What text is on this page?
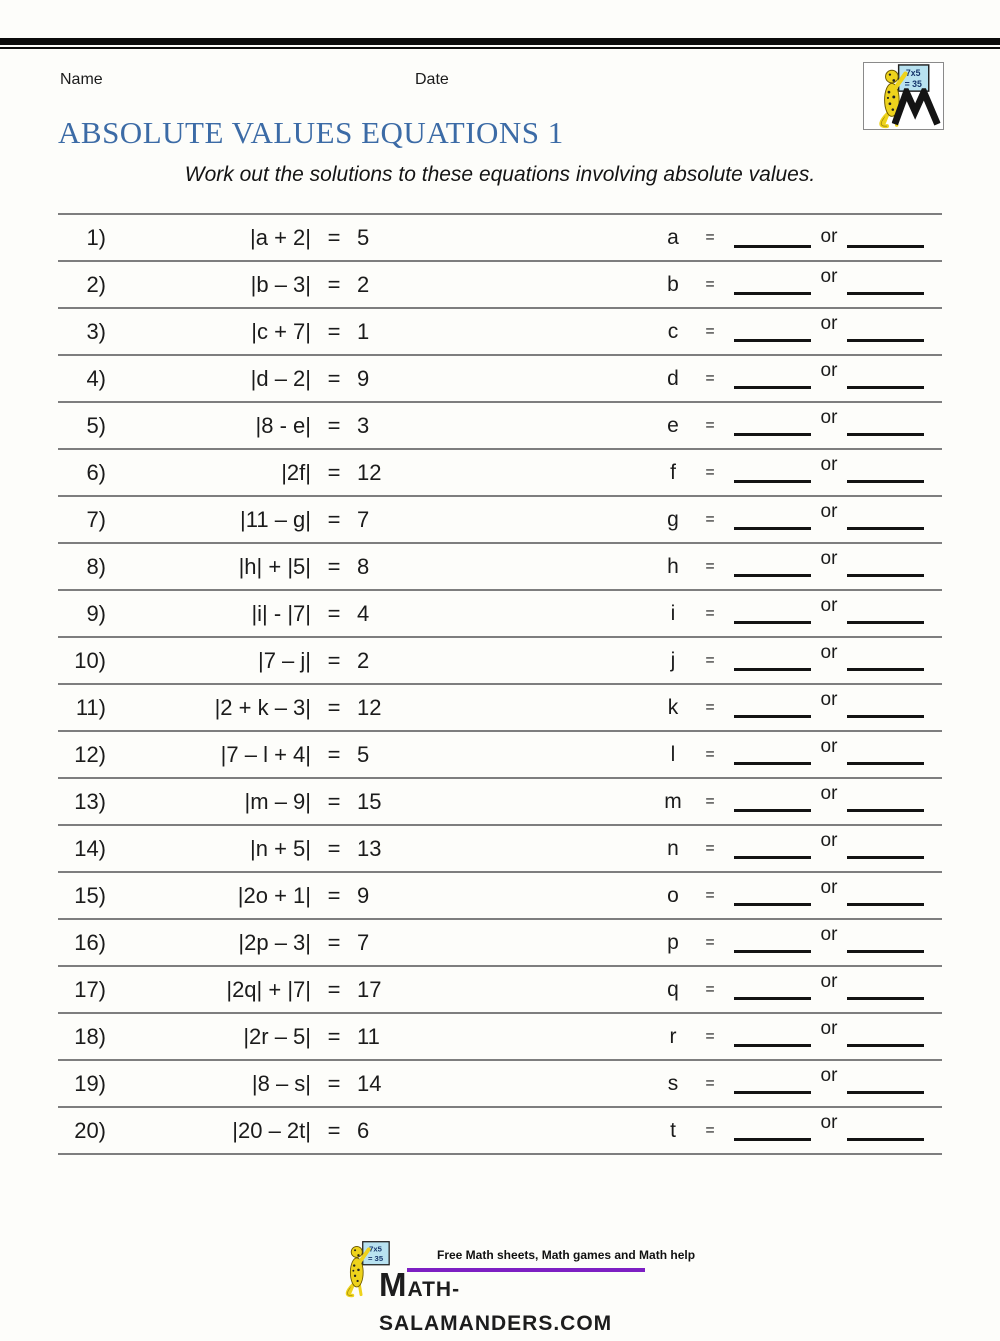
Name	Date
ABSOLUTE VALUES EQUATIONS 1

Work out the solutions to these equations involving absolute values.

1)	|a + 2| = 5	a	=	or
2)	|b – 3| = 2	b	=	or
3)	|c + 7| = 1	c	=	or
4)	|d – 2| = 9	d	=	or
5)	|8 - e| = 3	e	=	or
6)	|2f| = 12	f	=	or
7)	|11 – g| = 7	g	=	or
8)	|h| + |5| = 8	h	=	or
9)	|i| - |7| = 4	i	=	or
10)	|7 – j| = 2	j	=	or
11)	|2 + k – 3| = 12	k	=	or
12)	|7 – l + 4| = 5	l	=	or
13)	|m – 9| = 15	m	=	or
14)	|n + 5| = 13	n	=	or
15)	|2o + 1| = 9	o	=	or
16)	|2p – 3| = 7	p	=	or
17)	|2q| + |7| = 17	q	=	or
18)	|2r – 5| = 11	r	=	or
19)	|8 – s| = 14	s	=	or
20)	|20 – 2t| = 6	t	=	or
Free Math sheets, Math games and Math help
MATH-SALAMANDERS.COM
